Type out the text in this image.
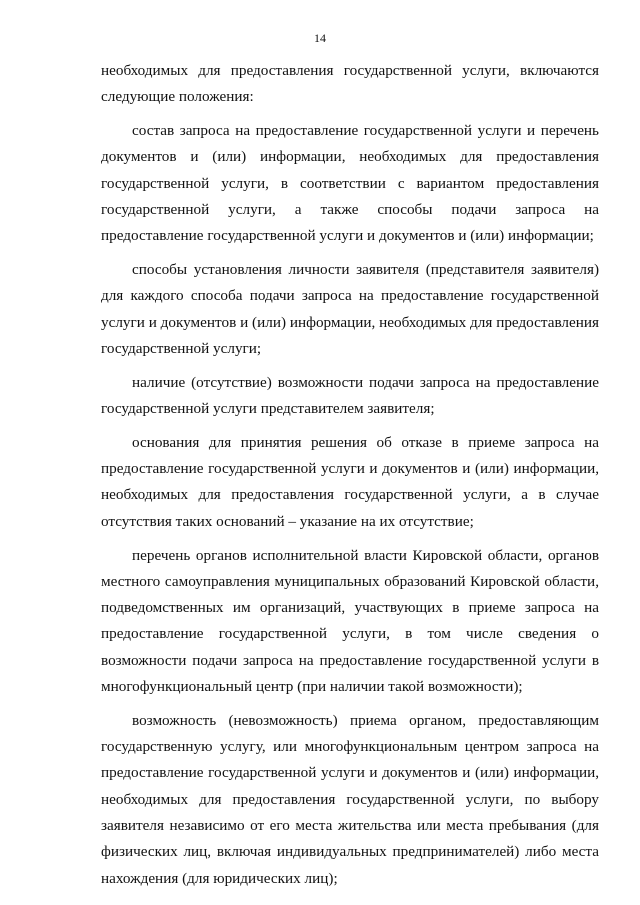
14

необходимых для предоставления государственной услуги, включаются следующие положения:

состав запроса на предоставление государственной услуги и перечень документов и (или) информации, необходимых для предоставления государственной услуги, в соответствии с вариантом предоставления государственной услуги, а также способы подачи запроса на предоставление государственной услуги и документов и (или) информации;

способы установления личности заявителя (представителя заявителя) для каждого способа подачи запроса на предоставление государственной услуги и документов и (или) информации, необходимых для предоставления государственной услуги;

наличие (отсутствие) возможности подачи запроса на предоставление государственной услуги представителем заявителя;

основания для принятия решения об отказе в приеме запроса на предоставление государственной услуги и документов и (или) информации, необходимых для предоставления государственной услуги, а в случае отсутствия таких оснований – указание на их отсутствие;

перечень органов исполнительной власти Кировской области, органов местного самоуправления муниципальных образований Кировской области, подведомственных им организаций, участвующих в приеме запроса на предоставление государственной услуги, в том числе сведения о возможности подачи запроса на предоставление государственной услуги в многофункциональный центр (при наличии такой возможности);

возможность (невозможность) приема органом, предоставляющим государственную услугу, или многофункциональным центром запроса на предоставление государственной услуги и документов и (или) информации, необходимых для предоставления государственной услуги, по выбору заявителя независимо от его места жительства или места пребывания (для физических лиц, включая индивидуальных предпринимателей) либо места нахождения (для юридических лиц);
